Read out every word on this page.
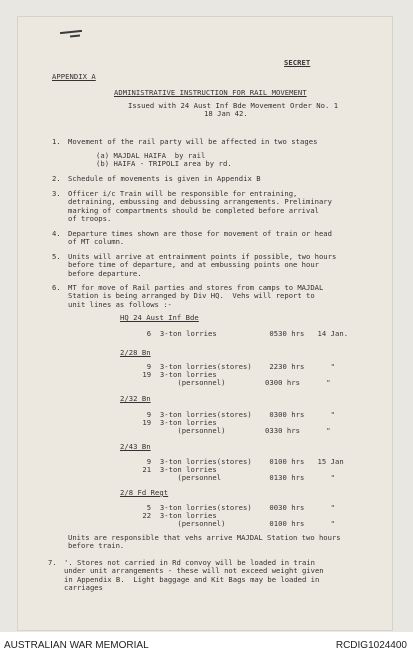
SECRET
APPENDIX A
ADMINISTRATIVE INSTRUCTION FOR RAIL MOVEMENT
Issued with 24 Aust Inf Bde Movement Order No. 1
18 Jan 42.
1. Movement of the rail party will be affected in two stages
(a) MAJDAL HAIFA  by rail
(b) HAIFA - TRIPOLI area by rd.
2. Schedule of movements is given in Appendix B
3. Officer i/c Train will be responsible for entraining,
detraining, embussing and debussing arrangements. Preliminary
marking of compartments should be completed before arrival
of troops.
4. Departure times shown are those for movement of train or head
of MT column.
5. Units will arrive at entrainment points if possible, two hours
before time of departure, and at embussing points one hour
before departure.
6. MT for move of Rail parties and stores from camps to MAJDAL
Station is being arranged by Div HQ.  Vehs will report to
unit lines as follows :-
HQ 24 Aust Inf Bde
6  3-ton lorries            0530 hrs   14 Jan.
2/28 Bn
9  3-ton lorries(stores)    2230 hrs      "
19  3-ton lorries
(personnel)         0300 hrs      "
2/32 Bn
9  3-ton lorries(stores)    0300 hrs      "
19  3-ton lorries
(personnel)         0330 hrs      "
2/43 Bn
9  3-ton lorries(stores)    0100 hrs   15 Jan
21  3-ton lorries
(personnel           0130 hrs      "
2/8 Fd Regt
5  3-ton lorries(stores)    0030 hrs      "
22  3-ton lorries
(personnel)          0100 hrs      "
Units are responsible that vehs arrive MAJDAL Station two hours
before train.
7. '. Stores not carried in Rd convoy will be loaded in train
under unit arrangements - these will not exceed weight given
in Appendix B.  Light baggage and Kit Bags may be loaded in
carriages
AUSTRALIAN WAR MEMORIAL	RCDIG1024400
